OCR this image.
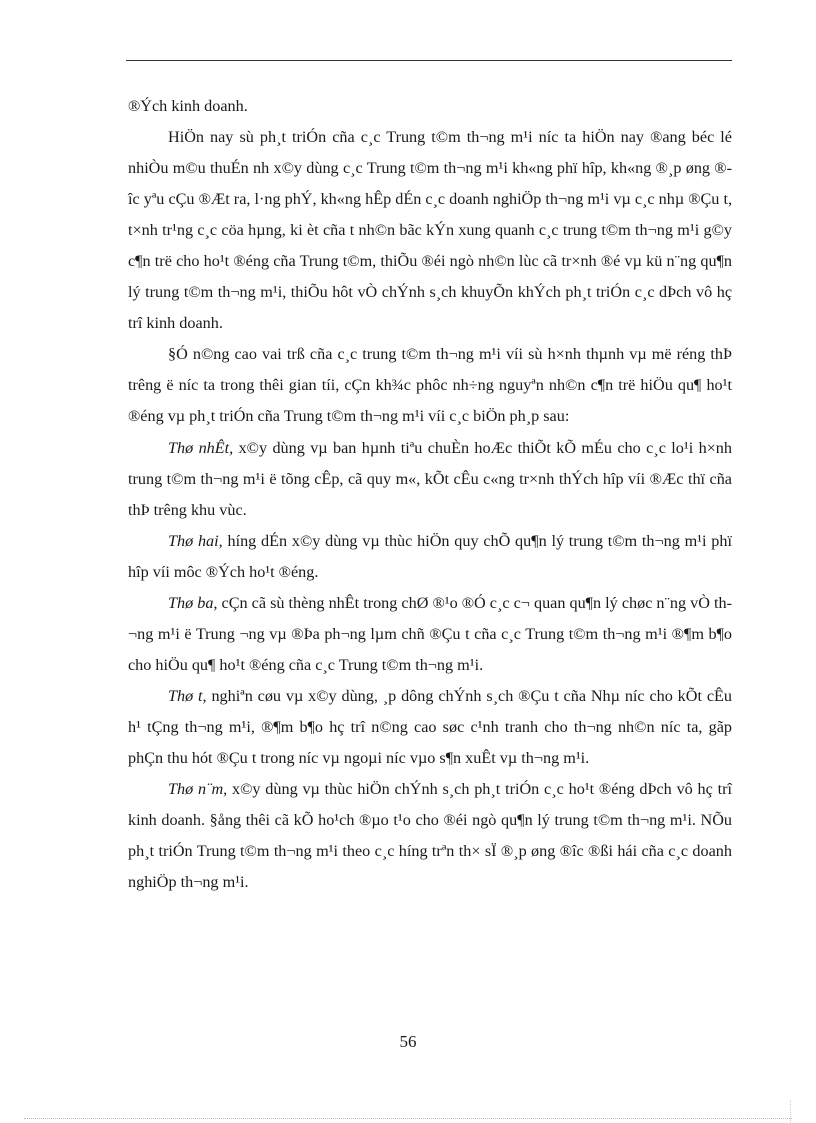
®Ých kinh doanh.

HiÖn nay sù ph¸t triÓn cña c¸c Trung t©m th¬ng m¹i níc ta hiÖn nay ®ang béc lé nhiÒu m©u thuÉn nh x©y dùng c¸c Trung t©m th¬ng m¹i kh«ng phï hîp, kh«ng ®¸p øng ®îc yªu cÇu ®Æt ra, l·ng phÝ, kh«ng hÊp dÉn c¸c doanh nghiÖp th¬ng m¹i vµ c¸c nhµ ®Çu t, t×nh tr¹ng c¸c cöa hµng, ki èt cña t nh©n bãc kÝn xung quanh c¸c trung t©m th¬ng m¹i g©y c¶n trë cho ho¹t ®éng cña Trung t©m, thiÕu ®éi ngò nh©n lùc cã tr×nh ®é vµ kü n¨ng qu¶n lý trung t©m th¬ng m¹i, thiÕu hôt vÒ chÝnh s¸ch khuyÕn khÝch ph¸t triÓn c¸c dÞch vô hç trî kinh doanh.

§Ó n©ng cao vai trß cña c¸c trung t©m th¬ng m¹i víi sù h×nh thµnh vµ më réng thÞ trêng ë níc ta trong thêi gian tíi, cÇn kh¾c phôc nh÷ng nguyªn nh©n c¶n trë hiÖu qu¶ ho¹t ®éng vµ ph¸t triÓn cña Trung t©m th¬ng m¹i víi c¸c biÖn ph¸p sau:

Thø nhÊt, x©y dùng vµ ban hµnh tiªu chuÈn hoÆc thiÕt kÕ mÉu cho c¸c lo¹i h×nh trung t©m th¬ng m¹i ë tõng cÊp, cã quy m«, kÕt cÊu c«ng tr×nh thÝch hîp víi ®Æc thï cña thÞ trêng khu vùc.

Thø hai, híng dÉn x©y dùng vµ thùc hiÖn quy chÕ qu¶n lý trung t©m th¬ng m¹i phï hîp víi môc ®Ých ho¹t ®éng.

Thø ba, cÇn cã sù thèng nhÊt trong chØ ®¹o ®Ó c¸c c¬ quan qu¶n lý chøc n¨ng vÒ th¬ng m¹i ë Trung ¬ng vµ ®Þa ph¬ng lµm chñ ®Çu t cña c¸c Trung t©m th¬ng m¹i ®¶m b¶o cho hiÖu qu¶ ho¹t ®éng cña c¸c Trung t©m th¬ng m¹i.

Thø t, nghiªn cøu vµ x©y dùng, ¸p dông chÝnh s¸ch ®Çu t cña Nhµ níc cho kÕt cÊu h¹ tÇng th¬ng m¹i, ®¶m b¶o hç trî n©ng cao søc c¹nh tranh cho th¬ng nh©n níc ta, gãp phÇn thu hót ®Çu t trong níc vµ ngoµi níc vµo s¶n xuÊt vµ th¬ng m¹i.

Thø n¨m, x©y dùng vµ thùc hiÖn chÝnh s¸ch ph¸t triÓn c¸c ho¹t ®éng dÞch vô hç trî kinh doanh. §ång thêi cã kÕ ho¹ch ®µo t¹o cho ®éi ngò qu¶n lý trung t©m th¬ng m¹i. NÕu ph¸t triÓn Trung t©m th¬ng m¹i theo c¸c híng trªn th× sÏ ®¸p øng ®îc ®ßi hái cña c¸c doanh nghiÖp th¬ng m¹i.

56
